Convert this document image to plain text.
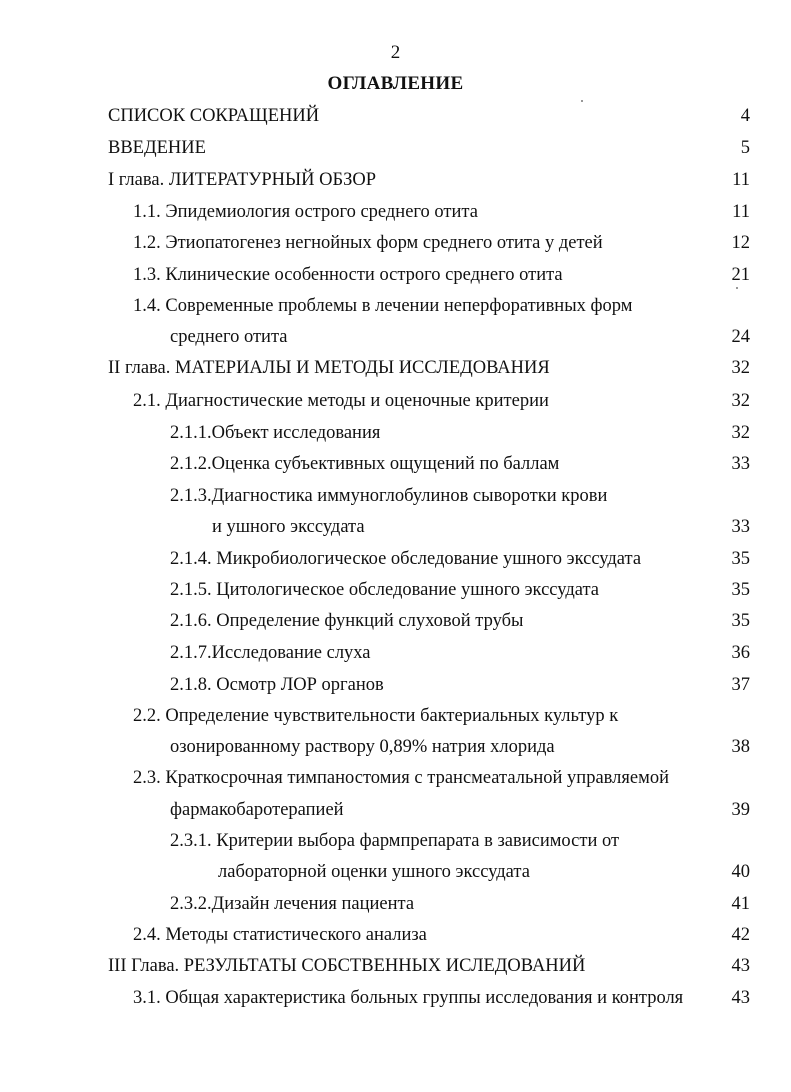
2
ОГЛАВЛЕНИЕ
СПИСОК СОКРАЩЕНИЙ	4
ВВЕДЕНИЕ	5
I глава. ЛИТЕРАТУРНЫЙ ОБЗОР	11
1.1. Эпидемиология острого среднего отита	11
1.2. Этиопатогенез негнойных форм среднего отита у детей	12
1.3. Клинические особенности острого среднего отита	21
1.4. Современные проблемы в лечении неперфоративных форм
среднего отита	24
II глава. МАТЕРИАЛЫ И МЕТОДЫ ИССЛЕДОВАНИЯ	32
2.1. Диагностические методы и оценочные критерии	32
2.1.1.Объект исследования	32
2.1.2.Оценка субъективных ощущений по баллам	33
2.1.3.Диагностика иммуноглобулинов сыворотки крови
и ушного экссудата	33
2.1.4. Микробиологическое обследование ушного экссудата	35
2.1.5. Цитологическое обследование ушного экссудата	35
2.1.6. Определение функций слуховой трубы	35
2.1.7.Исследование слуха	36
2.1.8. Осмотр ЛОР органов	37
2.2. Определение чувствительности бактериальных культур к
озонированному раствору 0,89% натрия хлорида	38
2.3. Краткосрочная тимпаностомия с трансмеатальной управляемой
фармакобаротерапией	39
2.3.1. Критерии выбора фармпрепарата в зависимости от
лабораторной оценки ушного экссудата	40
2.3.2.Дизайн лечения пациента	41
2.4. Методы статистического анализа	42
III Глава. РЕЗУЛЬТАТЫ СОБСТВЕННЫХ ИСЛЕДОВАНИЙ	43
3.1. Общая характеристика больных группы исследования и контроля	43
